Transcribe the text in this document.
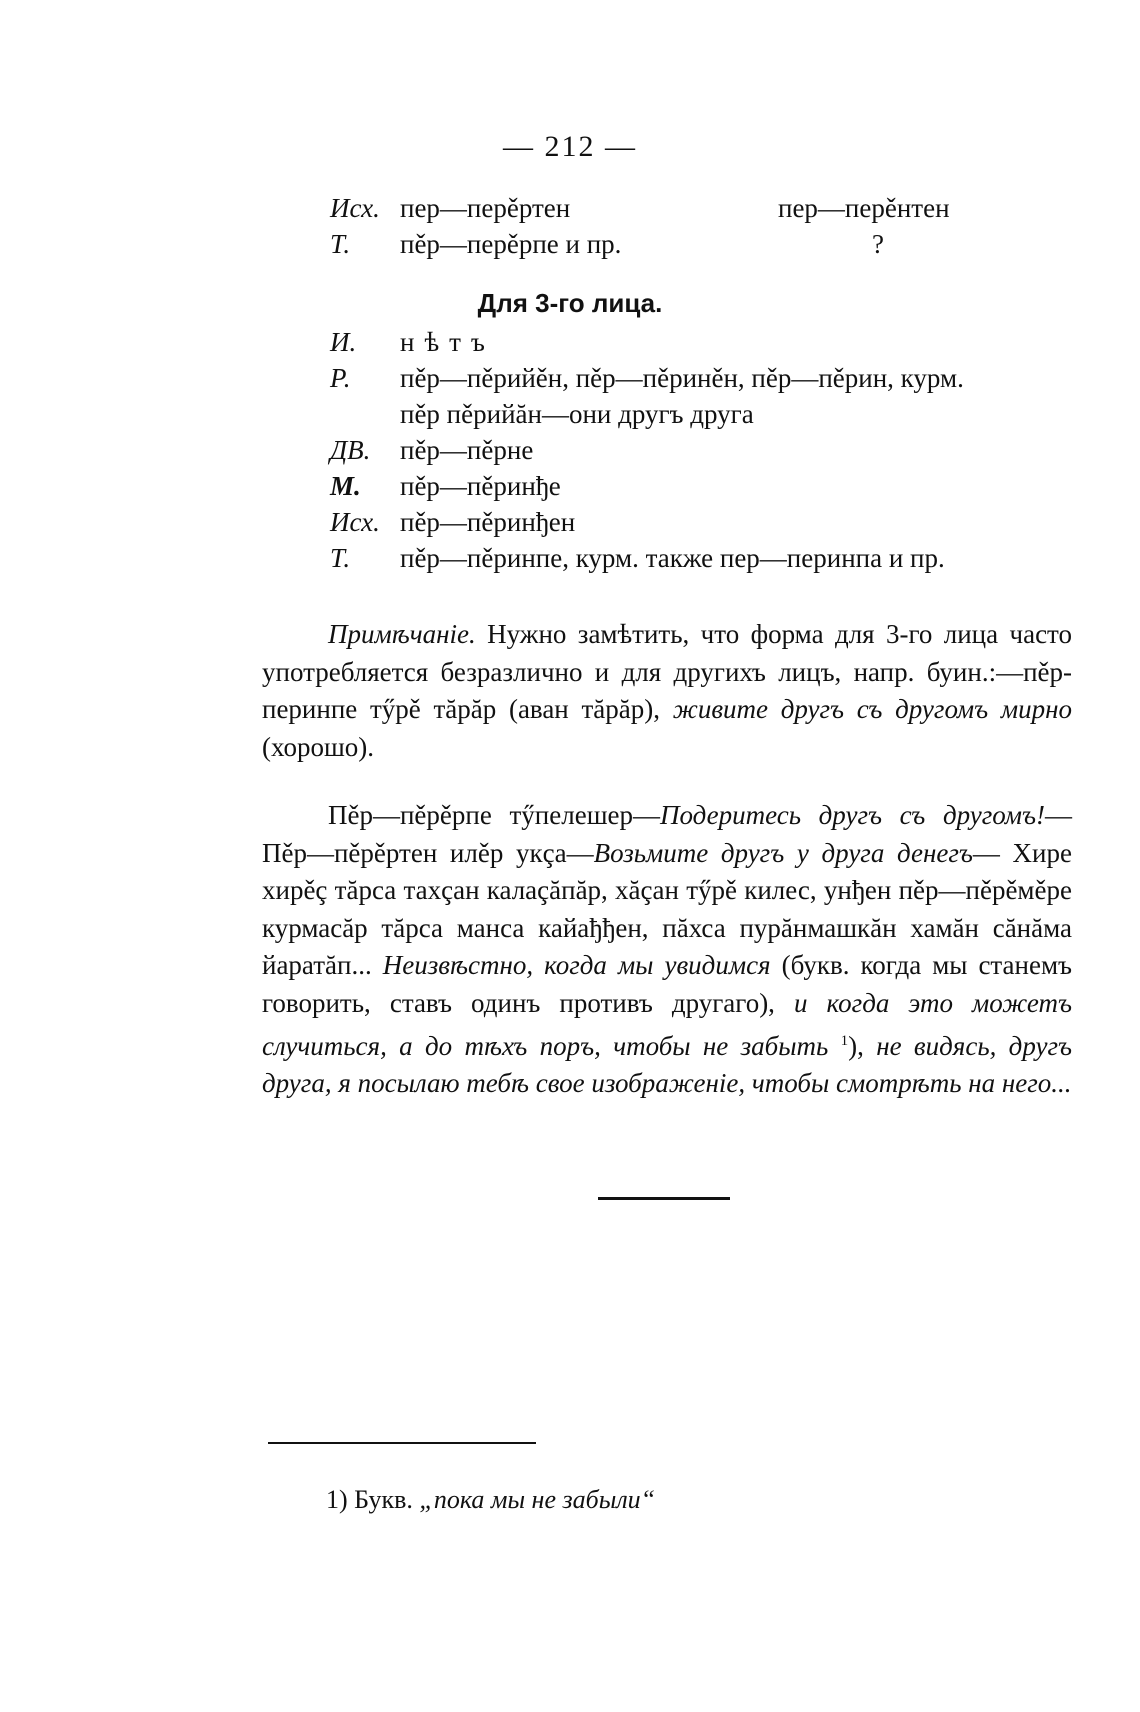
— 212 —
Исх. пер—перěртен	пер—перěнтен
Т. пěр—перěрпе и пр.	?
Для 3-го лица.
И. нѣтъ
Р. пěр—пěрийěн, пěр—пěринěн, пěр—пěрин, курм.
пěр пěрийăн—они другъ друга
ДВ. пěр—пěрне
М. пěр—пěринђе
Исх. пěр—пěринђен
Т. пěр—пěринпе, курм. также пер—перинпа и пр.
Примѣчаніе. Нужно замѣтить, что форма для 3-го лица часто употребляется безразлично и для другихъ лицъ, напр. буин.:—пěр-перинпе тӳрě тăрăр (аван тăрăр), живите другъ съ другомъ мирно (хорошо).
Пěр—пěрěрпе тӳпелешер—Подеритесь другъ съ другомъ!— Пěр—пěрěртен илěр укçа—Возьмите другъ у друга денегъ— Хире хирěç тăрса тахçан калаçăпăр, хăçан тӳрě килес, унђен пěр—пěрěмěре курмасăр тăрса манса кайађђен, пăхса пурăнмашкăн хамăн сăнăма йаратăп... Неизвѣстно, когда мы увидимся (букв. когда мы станемъ говорить, ставъ одинъ противъ другаго), и когда это можетъ случиться, а до тѣхъ поръ, чтобы не забыть $^1$), не видясь, другъ друга, я посылаю тебѣ свое изображеніе, чтобы смотрѣть на него...
1) Букв. „пока мы не забыли“
